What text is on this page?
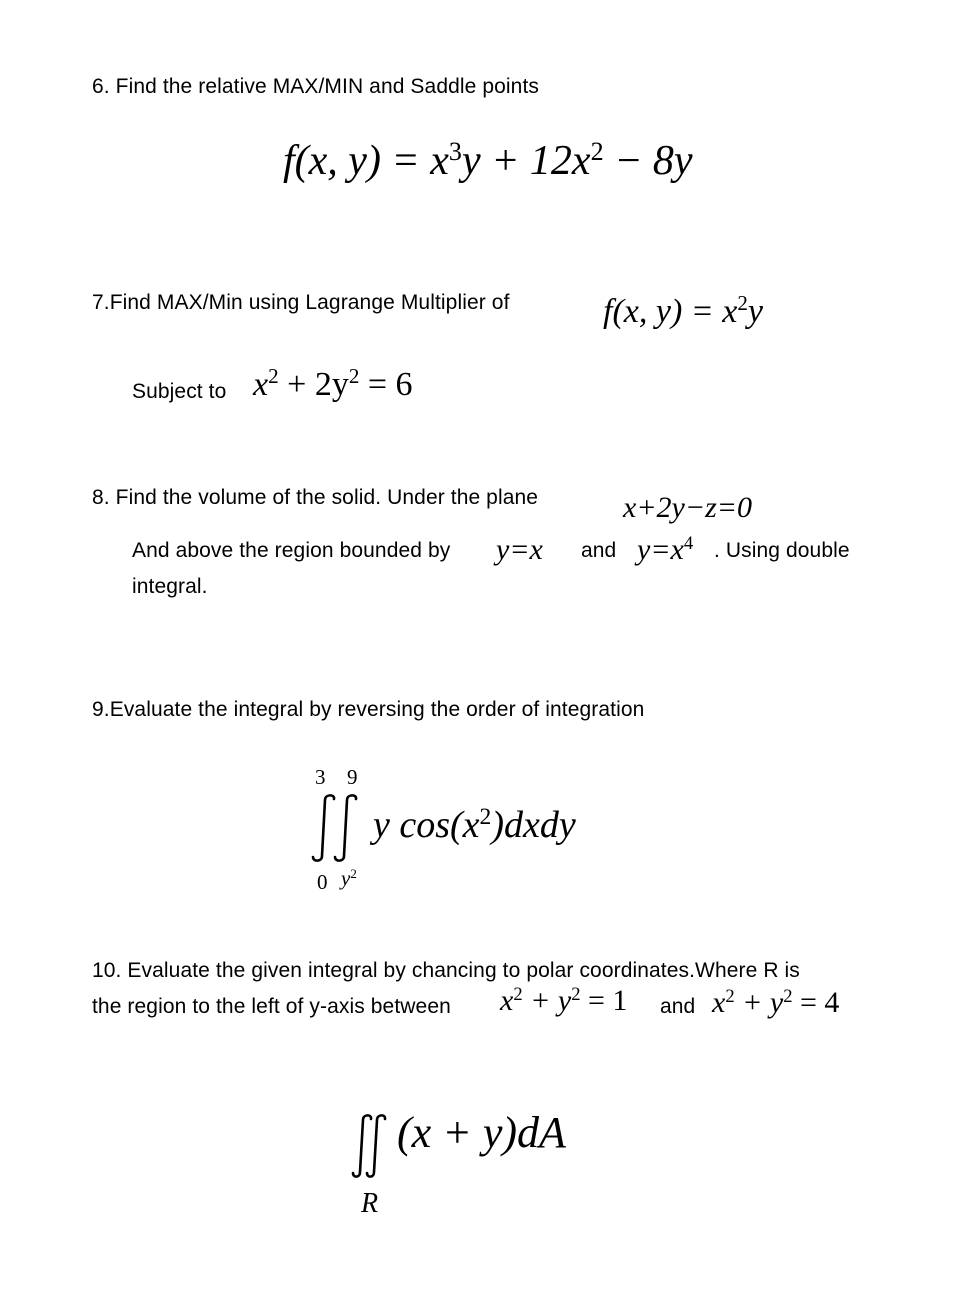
6. Find the relative MAX/MIN and Saddle points
f(x, $y) = x^3y + 12x^2 - 8y$
7.Find MAX/Min using Lagrange Multiplier of	f(x, $y) = x^2y$
Subject to $x^2 + 2y^2 = 6$
8. Find the volume of the solid. Under the plane	x+2y−z=0
And above the region bounded by y=x and $y=x^4$ . Using double
integral.
9.Evaluate the integral by reversing the order of integration
3 9
y $\cos(x^2)dxdy$
0 $y^2$
10. Evaluate the given integral by chancing to polar coordinates.Where R is
the region to the left of y-axis between $x^2 + y^2 = 1$ and $x^2 + y^2 = 4$
(x + y)dA
R
